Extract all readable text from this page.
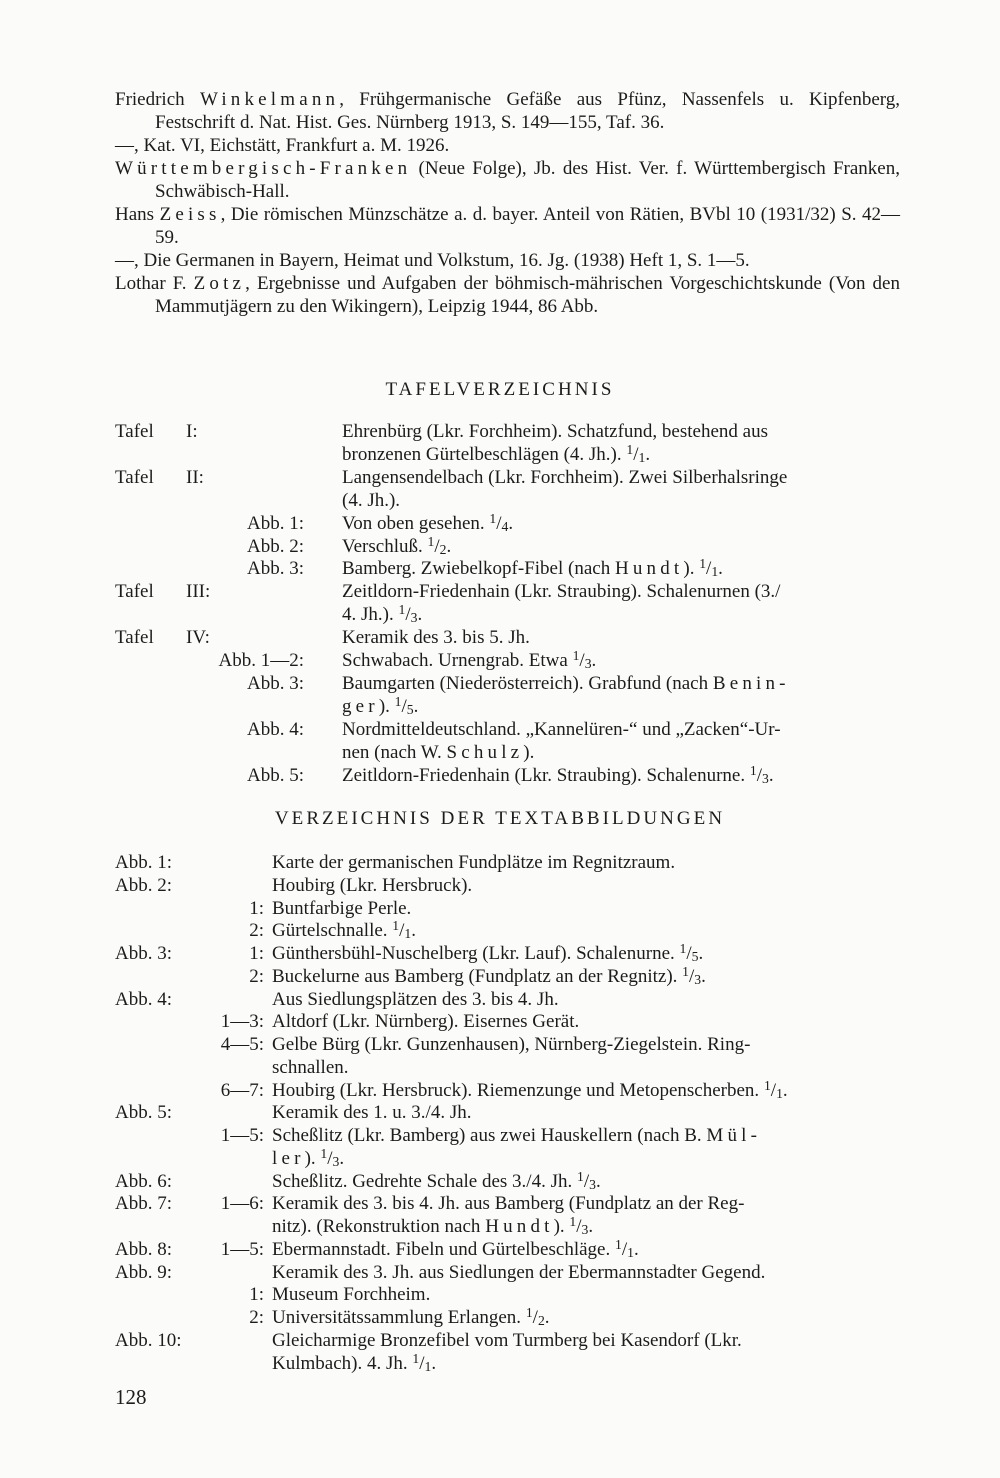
Friedrich Winkelmann, Frühgermanische Gefäße aus Pfünz, Nassenfels u. Kipfenberg, Festschrift d. Nat. Hist. Ges. Nürnberg 1913, S. 149—155, Taf. 36.
—, Kat. VI, Eichstätt, Frankfurt a. M. 1926.
Württembergisch-Franken (Neue Folge), Jb. des Hist. Ver. f. Württembergisch Franken, Schwäbisch-Hall.
Hans Zeiss, Die römischen Münzschätze a. d. bayer. Anteil von Rätien, BVbl 10 (1931/32) S. 42—59.
—, Die Germanen in Bayern, Heimat und Volkstum, 16. Jg. (1938) Heft 1, S. 1—5.
Lothar F. Zotz, Ergebnisse und Aufgaben der böhmisch-mährischen Vorgeschichtskunde (Von den Mammutjägern zu den Wikingern), Leipzig 1944, 86 Abb.
TAFELVERZEICHNIS
Tafel I:	Ehrenbürg (Lkr. Forchheim). Schatzfund, bestehend aus
bronzenen Gürtelbeschlägen (4. Jh.). $^1/_1$.
Tafel II:	Langensendelbach (Lkr. Forchheim). Zwei Silberhalsringe
(4. Jh.).
Abb. 1: Von oben gesehen. $^1/_4$.
Abb. 2: Verschluß. $^1/_2$.
Abb. 3: Bamberg. Zwiebelkopf-Fibel (nach Hundt). $^1/_1$.
Tafel III:	Zeitldorn-Friedenhain (Lkr. Straubing). Schalenurnen (3./
4. Jh.). $^1/_3$.
Tafel IV:	Keramik des 3. bis 5. Jh.
Abb. 1—2: Schwabach. Urnengrab. Etwa $^1/_3$.
Abb. 3: Baumgarten (Niederösterreich). Grabfund (nach Benin-
ger). $^1/_5$.
Abb. 4: Nordmitteldeutschland. „Kannelüren-“ und „Zacken“-Ur-
nen (nach W. Schulz).
Abb. 5: Zeitldorn-Friedenhain (Lkr. Straubing). Schalenurne. $^1/_3$.
VERZEICHNIS DER TEXTABBILDUNGEN
Abb. 1:	Karte der germanischen Fundplätze im Regnitzraum.
Abb. 2:	Houbirg (Lkr. Hersbruck).
1: Buntfarbige Perle.
2: Gürtelschnalle. $^1/_1$.
Abb. 3:	1: Günthersbühl-Nuschelberg (Lkr. Lauf). Schalenurne. $^1/_5$.
2: Buckelurne aus Bamberg (Fundplatz an der Regnitz). $^1/_3$.
Abb. 4:	Aus Siedlungsplätzen des 3. bis 4. Jh.
1—3: Altdorf (Lkr. Nürnberg). Eisernes Gerät.
4—5: Gelbe Bürg (Lkr. Gunzenhausen), Nürnberg-Ziegelstein. Ring-
schnallen.
6—7: Houbirg (Lkr. Hersbruck). Riemenzunge und Metopenscherben. $^1/_1$.
Abb. 5:	Keramik des 1. u. 3./4. Jh.
1—5: Scheßlitz (Lkr. Bamberg) aus zwei Hauskellern (nach B. Mül-
ler). $^1/_3$.
Abb. 6:	Scheßlitz. Gedrehte Schale des 3./4. Jh. $^1/_3$.
Abb. 7:	1—6: Keramik des 3. bis 4. Jh. aus Bamberg (Fundplatz an der Reg-
nitz). (Rekonstruktion nach Hundt). $^1/_3$.
Abb. 8:	1—5: Ebermannstadt. Fibeln und Gürtelbeschläge. $^1/_1$.
Abb. 9:	Keramik des 3. Jh. aus Siedlungen der Ebermannstadter Gegend.
1: Museum Forchheim.
2: Universitätssammlung Erlangen. $^1/_2$.
Abb. 10:	Gleicharmige Bronzefibel vom Turmberg bei Kasendorf (Lkr.
Kulmbach). 4. Jh. $^1/_1$.
128
